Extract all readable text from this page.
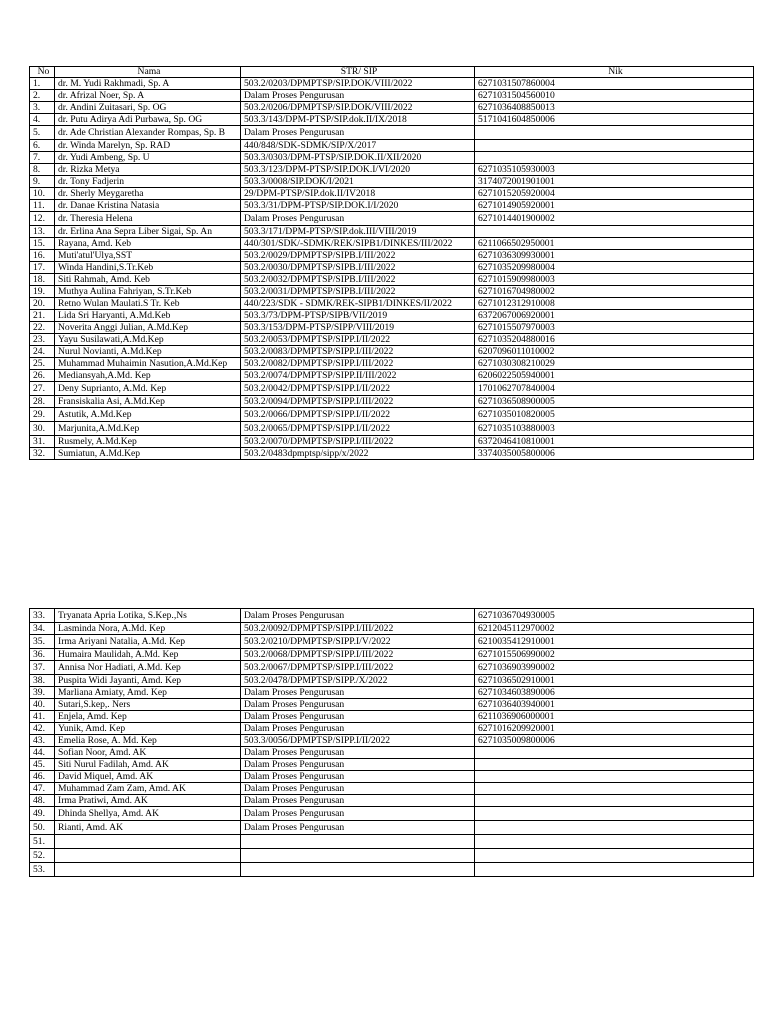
No	Nama	STR/ SIP	Nik
1.	dr. M. Yudi Rakhmadi, Sp. A	503.2/0203/DPMPTSP/SIP.DOK/VIII/2022	6271031507860004
2.	dr. Afrizal Noer, Sp. A	Dalam Proses Pengurusan	6271031504560010
3.	dr. Andini Zuitasari, Sp. OG	503.2/0206/DPMPTSP/SIP.DOK/VIII/2022	6271036408850013
4.	dr. Putu Adirya Adi Purbawa, Sp. OG	503.3/143/DPM-PTSP/SIP.dok.II/IX/2018	5171041604850006
5.	dr. Ade Christian Alexander Rompas, Sp. B	Dalam Proses Pengurusan	
6.	dr. Winda Marelyn, Sp. RAD	440/848/SDK-SDMK/SIP/X/2017	
7.	dr. Yudi Ambeng, Sp. U	503.3/0303/DPM-PTSP/SIP.DOK.II/XII/2020	
8.	dr. Rizka Metya	503.3/123/DPM-PTSP/SIP.DOK.I/VI/2020	6271035105930003
9.	dr. Tony Fadjerin	503.3/0008/SIP.DOK/I/2021	3174072001901001
10.	dr. Sherly Meygaretha	29/DPM-PTSP/SIP.dok.II/IV2018	6271015205920004
11.	dr. Danae Kristina Natasia	503.3/31/DPM-PTSP/SIP.DOK.I/I/2020	6271014905920001
12.	dr. Theresia Helena	Dalam Proses Pengurusan	6271014401900002
13.	dr. Erlina Ana Sepra Liber Sigai, Sp. An	503.3/171/DPM-PTSP/SIP.dok.III/VIII/2019	
15.	Rayana, Amd. Keb	440/301/SDK/-SDMK/REK/SIPB1/DINKES/III/2022	6211066502950001
16.	Muti'atul'Ulya,SST	503.2/0029/DPMPTSP/SIPB.I/III/2022	6271036309930001
17.	Winda Handini,S.Tr.Keb	503.2/0030/DPMPTSP/SIPB.I/III/2022	6271035209980004
18.	Siti Rahmah, Amd. Keb	503.2/0032/DPMPTSP/SIPB.I/III/2022	6271015909980003
19.	Muthya Aulina Fahriyan, S.Tr.Keb	503.2/0031/DPMPTSP/SIPB.I/III/2022	6271016704980002
20.	Retno Wulan Maulati.S Tr. Keb	440/223/SDK - SDMK/REK-SIPB1/DINKES/II/2022	6271012312910008
21.	Lida Sri Haryanti, A.Md.Keb	503.3/73/DPM-PTSP/SIPB/VII/2019	6372067006920001
22.	Noverita Anggi Julian, A.Md.Kep	503.3/153/DPM-PTSP/SIPP/VIII/2019	6271015507970003
23.	Yayu Susilawati,A.Md.Kep	503.2/0053/DPMPTSP/SIPP.I/II/2022	6271035204880016
24.	Nurul Novianti, A.Md.Kep	503.2/0083/DPMPTSP/SIPP.I/III/2022	6207096011010002
25.	Muhammad Muhaimin Nasution,A.Md.Kep	503.2/0082/DPMPTSP/SIPP.I/III/2022	6271030308210029
26.	Mediansyah,A.Md. Kep	503.2/0074/DPMPTSP/SIPP.II/III/2022	6206022505940001
27.	Deny Suprianto, A.Md. Kep	503.2/0042/DPMPTSP/SIPP.I/II/2022	1701062707840004
28.	Fransiskalia Asi, A.Md.Kep	503.2/0094/DPMPTSP/SIPP.I/III/2022	6271036508900005
29.	Astutik, A.Md.Kep	503.2/0066/DPMPTSP/SIPP.I/II/2022	6271035010820005
30.	Marjunita,A.Md.Kep	503.2/0065/DPMPTSP/SIPP.I/II/2022	6271035103880003
31.	Rusmely, A.Md.Kep	503.2/0070/DPMPTSP/SIPP.I/III/2022	6372046410810001
32.	Sumiatun, A.Md.Kep	503.2/0483dpmptsp/sipp/x/2022	3374035005800006
33.	Tryanata Apria Lotika, S.Kep.,Ns	Dalam Proses Pengurusan	6271036704930005
34.	Lasminda Nora, A.Md. Kep	503.2/0092/DPMPTSP/SIPP.I/III/2022	6212045112970002
35.	Irma Ariyani Natalia, A.Md. Kep	503.2/0210/DPMPTSP/SIPP.I/V/2022	6210035412910001
36.	Humaira Maulidah, A.Md. Kep	503.2/0068/DPMPTSP/SIPP.I/III/2022	6271015506990002
37.	Annisa Nor Hadiati, A.Md. Kep	503.2/0067/DPMPTSP/SIPP.I/III/2022	6271036903990002
38.	Puspita Widi Jayanti, Amd. Kep	503.2/0478/DPMPTSP/SIPP./X/2022	6271036502910001
39.	Marliana Amiaty, Amd. Kep	Dalam Proses Pengurusan	6271034603890006
40.	Sutari,S.kep,. Ners	Dalam Proses Pengurusan	6271036403940001
41.	Enjela, Amd. Kep	Dalam Proses Pengurusan	6211036906000001
42.	Yunik, Amd. Kep	Dalam Proses Pengurusan	6271016209920001
43.	Emelia Rose, A. Md. Kep	503.3/0056/DPMPTSP/SIPP.I/II/2022	6271035009800006
44.	Sofian Noor, Amd. AK	Dalam Proses Pengurusan	
45.	Siti Nurul Fadilah, Amd. AK	Dalam Proses Pengurusan	
46.	David Miquel, Amd. AK	Dalam Proses Pengurusan	
47.	Muhammad Zam Zam, Amd. AK	Dalam Proses Pengurusan	
48.	Irma Pratiwi, Amd. AK	Dalam Proses Pengurusan	
49.	Dhinda Shellya, Amd. AK	Dalam Proses Pengurusan	
50.	Rianti, Amd. AK	Dalam Proses Pengurusan	
51.			
52.			
53.			
